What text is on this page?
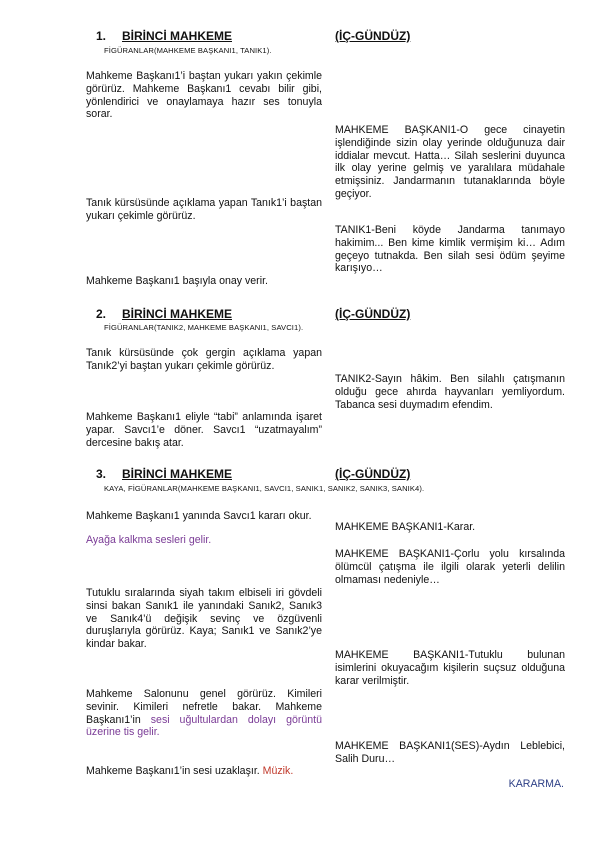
1. BİRİNCİ MAHKEME	(İÇ-GÜNDÜZ)
FİGÜRANLAR(MAHKEME BAŞKANI1, TANIK1).
Mahkeme Başkanı1’i baştan yukarı yakın çekimle görürüz. Mahkeme Başkanı1 cevabı bilir gibi, yönlendirici ve onaylamaya hazır ses tonuyla sorar.
MAHKEME BAŞKANI1-O gece cinayetin işlendiğinde sizin olay yerinde olduğunuza dair iddialar mevcut. Hatta… Silah seslerini duyunca ilk olay yerine gelmiş ve yaralılara müdahale etmişsiniz. Jandarmanın tutanaklarında böyle geçiyor.
Tanık kürsüsünde açıklama yapan Tanık1’i baştan yukarı çekimle görürüz.
TANIK1-Beni köyde Jandarma tanımayo hakimim... Ben kime kimlik vermişim ki… Adım geçeyo tutnakda. Ben silah sesi ödüm şeyime karışıyo…
Mahkeme Başkanı1 başıyla onay verir.
2. BİRİNCİ MAHKEME	(İÇ-GÜNDÜZ)
FİGÜRANLAR(TANIK2, MAHKEME BAŞKANI1, SAVCI1).
Tanık kürsüsünde çok gergin açıklama yapan Tanık2’yi baştan yukarı çekimle görürüz.
TANIK2-Sayın hâkim. Ben silahlı çatışmanın olduğu gece ahırda hayvanları yemliyordum. Tabanca sesi duymadım efendim.
Mahkeme Başkanı1 eliyle “tabi” anlamında işaret yapar. Savcı1’e döner. Savcı1 “uzatmayalım” dercesine bakış atar.
3. BİRİNCİ MAHKEME	(İÇ-GÜNDÜZ)
KAYA, FİGÜRANLAR(MAHKEME BAŞKANI1, SAVCI1, SANIK1, SANIK2, SANIK3, SANIK4).
Mahkeme Başkanı1 yanında Savcı1 kararı okur.
MAHKEME BAŞKANI1-Karar.
Ayağa kalkma sesleri gelir.
MAHKEME BAŞKANI1-Çorlu yolu kırsalında ölümcül çatışma ile ilgili olarak yeterli delilin olmaması nedeniyle…
Tutuklu sıralarında siyah takım elbiseli iri gövdeli sinsi bakan Sanık1 ile yanındaki Sanık2, Sanık3 ve Sanık4’ü değişik sevinç ve özgüvenli duruşlarıyla görürüz. Kaya; Sanık1 ve Sanık2’ye kindar bakar.
MAHKEME BAŞKANI1-Tutuklu bulunan isimlerini okuyacağım kişilerin suçsuz olduğuna karar verilmiştir.
Mahkeme Salonunu genel görürüz. Kimileri sevinir. Kimileri nefretle bakar. Mahkeme Başkanı1’in sesi uğultulardan dolayı görüntü üzerine tis gelir.
MAHKEME BAŞKANI1(SES)-Aydın Leblebici, Salih Duru…
Mahkeme Başkanı1’in sesi uzaklaşır. Müzik.
KARARMA.
